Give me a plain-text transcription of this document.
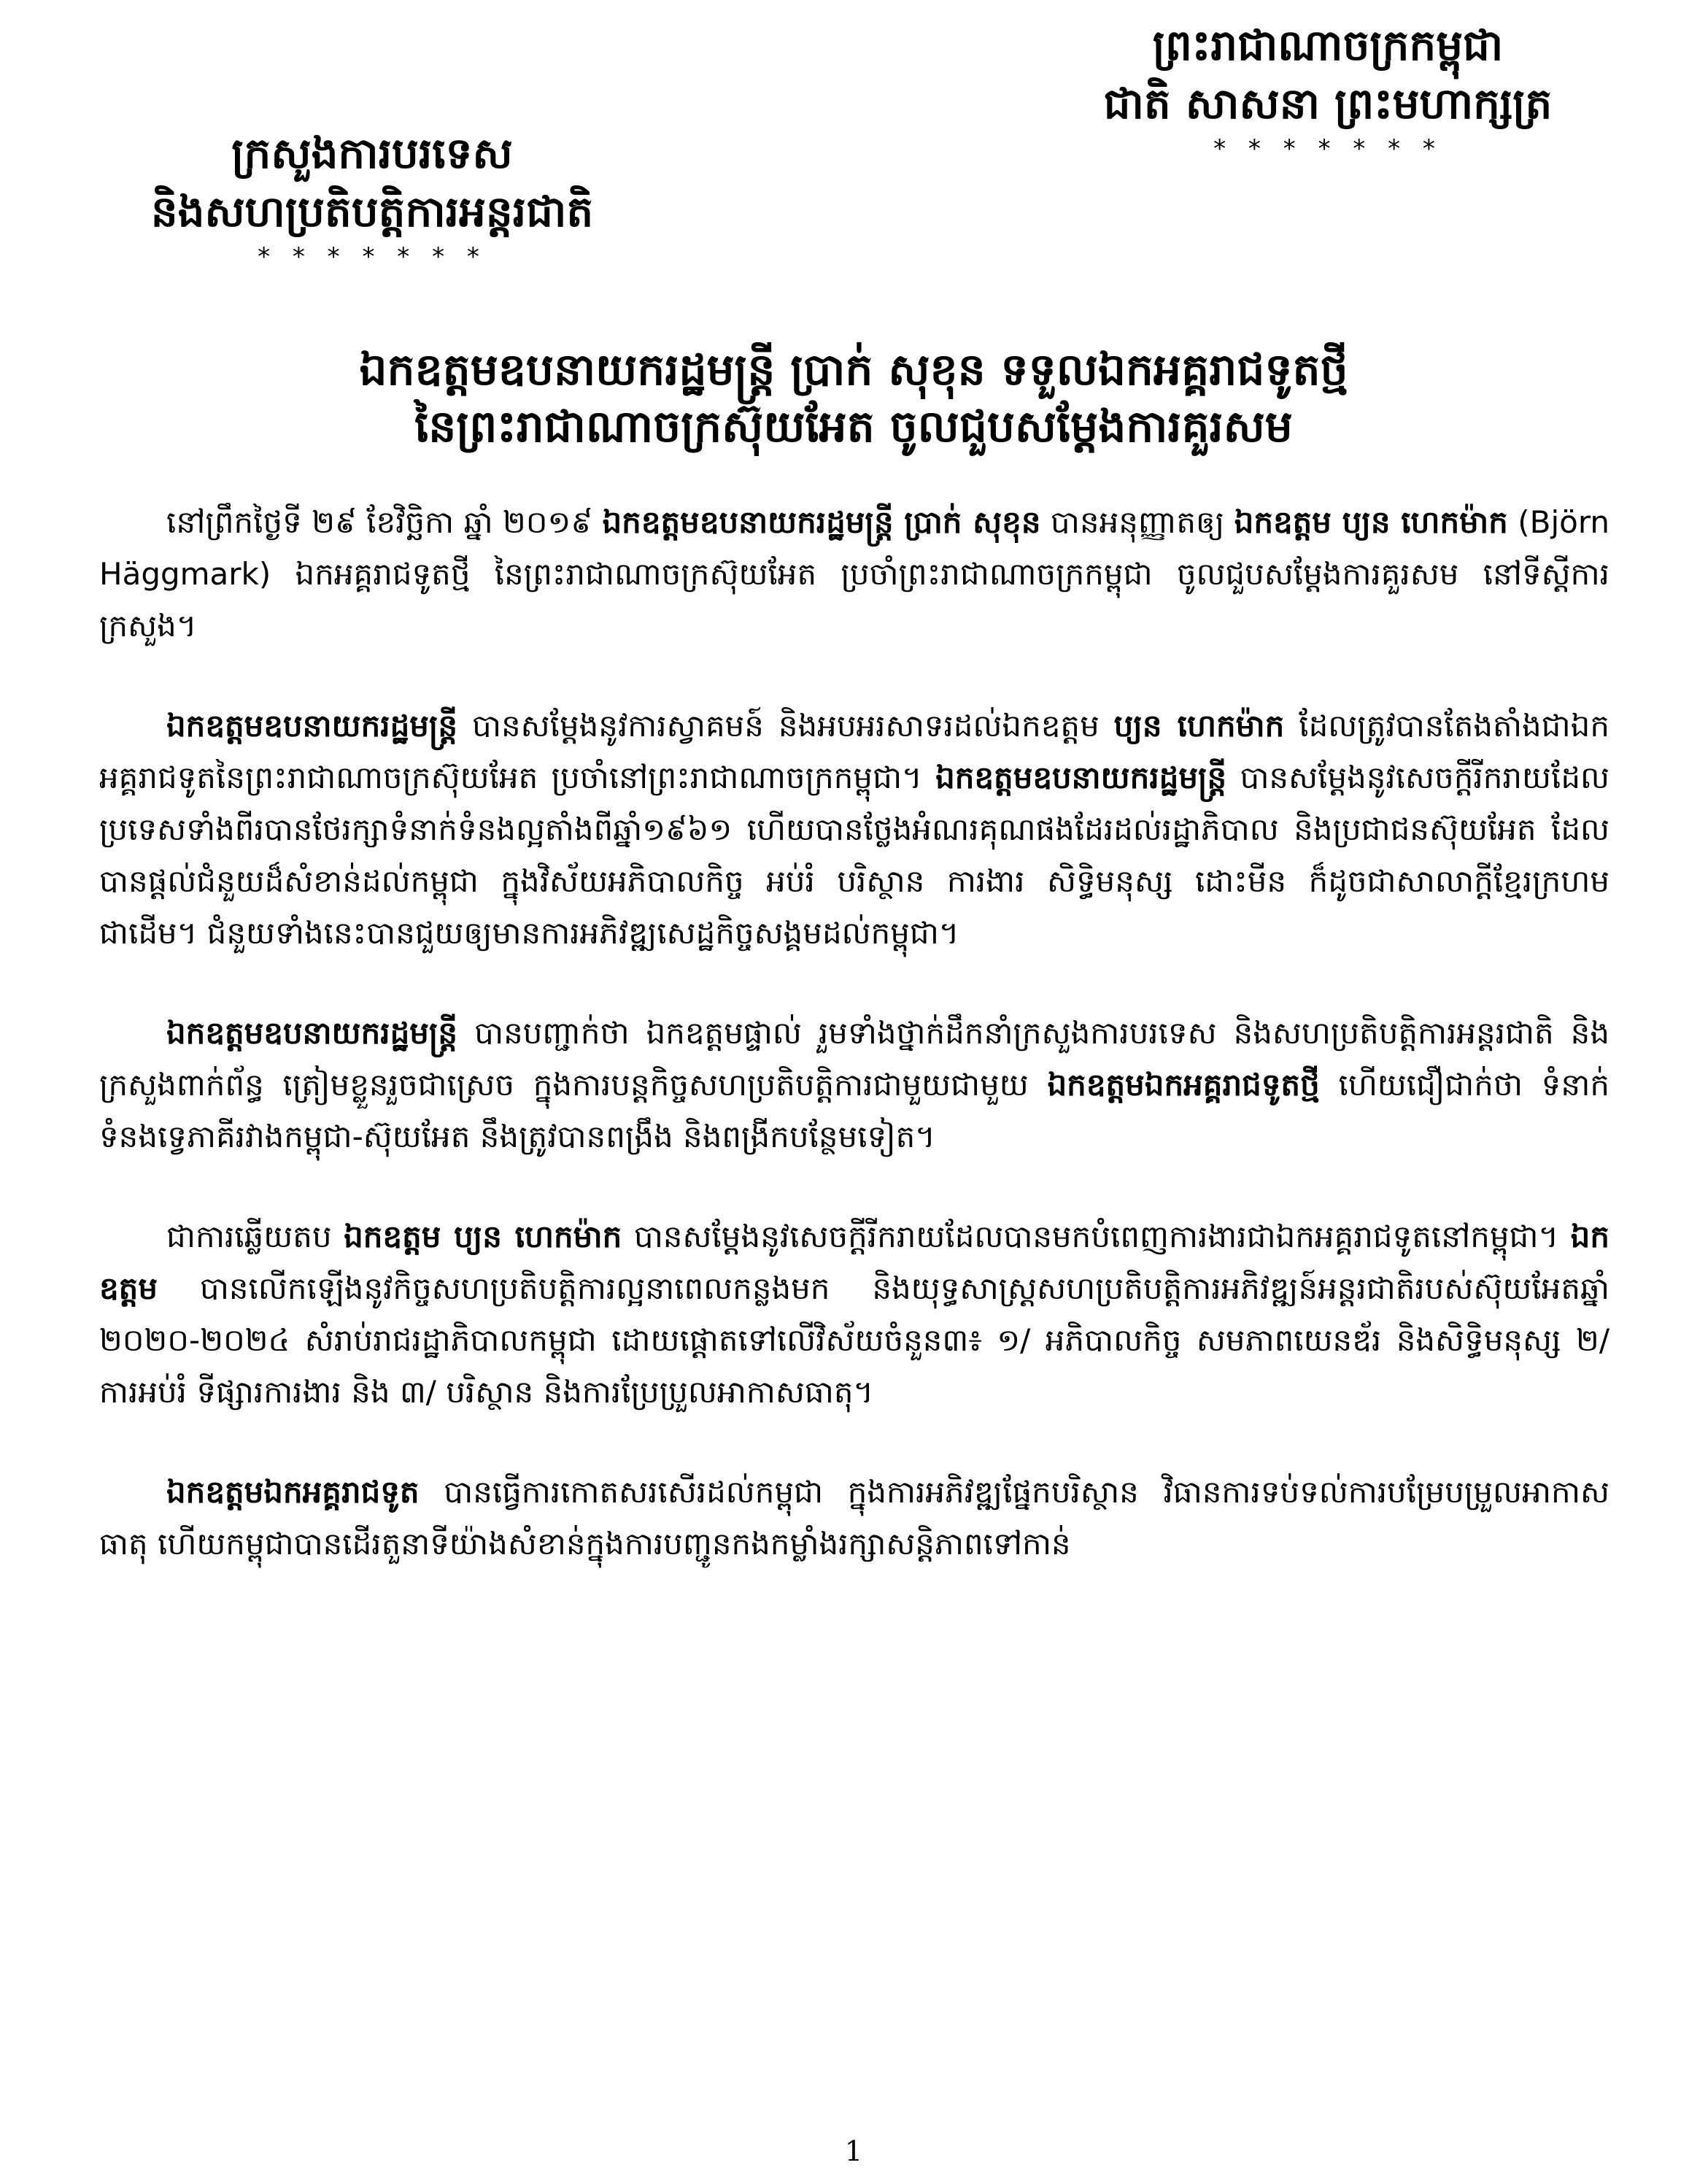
ព្រះរាជាណាចក្រកម្ពុជា
ជាតិ សាសនា ព្រះមហាក្សត្រ
* * * * * * *
ក្រសួងការបរទេស
និងសហប្រតិបត្តិការអន្តរជាតិ
* * * * * * *
ឯកឧត្តមឧបនាយករដ្ឋមន្ត្រី ប្រាក់ សុខុន ទទួលឯកអគ្គរាជទូតថ្មី
នៃព្រះរាជាណាចក្រស៊ុយអែត ចូលជួបសម្តែងការគួរសម

នៅព្រឹកថ្ងៃទី ២៩ ខែវិច្ឆិកា ឆ្នាំ ២០១៩ ឯកឧត្តមឧបនាយករដ្ឋមន្ត្រី ប្រាក់ សុខុន បានអនុញ្ញាតឲ្យ ឯកឧត្តម ប្យន ហេកម៉ាក (Björn Häggmark) ឯកអគ្គរាជទូតថ្មី នៃព្រះរាជាណាចក្រស៊ុយអែត ប្រចាំព្រះរាជាណាចក្រកម្ពុជា ចូលជួបសម្តែងការគួរសម នៅទីស្តីការក្រសួង។

ឯកឧត្តមឧបនាយករដ្ឋមន្ត្រី បានសម្តែងនូវការស្វាគមន៍ និងអបអរសាទរដល់ឯកឧត្តម ប្យន ហេកម៉ាក ដែលត្រូវបានតែងតាំងជាឯកអគ្គរាជទូតនៃព្រះរាជាណាចក្រស៊ុយអែត ប្រចាំនៅព្រះរាជាណាចក្រកម្ពុជា។ ឯកឧត្តមឧបនាយករដ្ឋមន្ត្រី បានសម្តែងនូវសេចក្តីរីករាយដែលប្រទេសទាំងពីរបានថែរក្សាទំនាក់ទំនងល្អតាំងពីឆ្នាំ១៩៦១ ហើយបានថ្លែងអំណរគុណផងដែរដល់រដ្ឋាភិបាល និងប្រជាជនស៊ុយអែត ដែលបានផ្តល់ជំនួយដ៏សំខាន់ដល់កម្ពុជា ក្នុងវិស័យអភិបាលកិច្ច អប់រំ បរិស្ថាន ការងារ សិទ្ធិមនុស្ស ដោះមីន ក៏ដូចជាសាលាក្តីខ្មែរក្រហមជាដើម។ ជំនួយទាំងនេះបានជួយឲ្យមានការអភិវឌ្ឍសេដ្ឋកិច្ចសង្គមដល់កម្ពុជា។

ឯកឧត្តមឧបនាយករដ្ឋមន្ត្រី បានបញ្ជាក់ថា ឯកឧត្តមផ្ទាល់ រួមទាំងថ្នាក់ដឹកនាំក្រសួងការបរទេស និងសហប្រតិបត្តិការអន្តរជាតិ និងក្រសួងពាក់ព័ន្ធ ត្រៀមខ្លួនរួចជាស្រេច ក្នុងការបន្តកិច្ចសហប្រតិបត្តិការជាមួយជាមួយ ឯកឧត្តមឯកអគ្គរាជទូតថ្មី ហើយជឿជាក់ថា ទំនាក់ទំនងទ្វេភាគីរវាងកម្ពុជា-ស៊ុយអែត នឹងត្រូវបានពង្រឹង និងពង្រីកបន្ថែមទៀត។

ជាការឆ្លើយតប ឯកឧត្តម ប្យន ហេកម៉ាក បានសម្តែងនូវសេចក្តីរីករាយដែលបានមកបំពេញការងារជាឯកអគ្គរាជទូតនៅកម្ពុជា។ ឯកឧត្តម បានលើកឡើងនូវកិច្ចសហប្រតិបត្តិការល្អនាពេលកន្លងមក និងយុទ្ធសាស្ត្រសហប្រតិបត្តិការអភិវឌ្ឍន៍អន្តរជាតិរបស់ស៊ុយអែតឆ្នាំ ២០២០-២០២៤ សំរាប់រាជរដ្ឋាភិបាលកម្ពុជា ដោយផ្តោតទៅលើវិស័យចំនួន៣៖ ១/ អភិបាលកិច្ច សមភាពយេនឌ័រ និងសិទ្ធិមនុស្ស ២/ ការអប់រំ ទីផ្សារការងារ និង ៣/ បរិស្ថាន និងការប្រែប្រួលអាកាសធាតុ។

ឯកឧត្តមឯកអគ្គរាជទូត បានធ្វើការកោតសរសើរដល់កម្ពុជា ក្នុងការអភិវឌ្ឍផ្នែកបរិស្ថាន វិធានការទប់ទល់ការបម្រែបម្រួលអាកាសធាតុ ហើយកម្ពុជាបានដើរតួនាទីយ៉ាងសំខាន់ក្នុងការបញ្ជូនកងកម្លាំងរក្សាសន្តិភាពទៅកាន់

1
